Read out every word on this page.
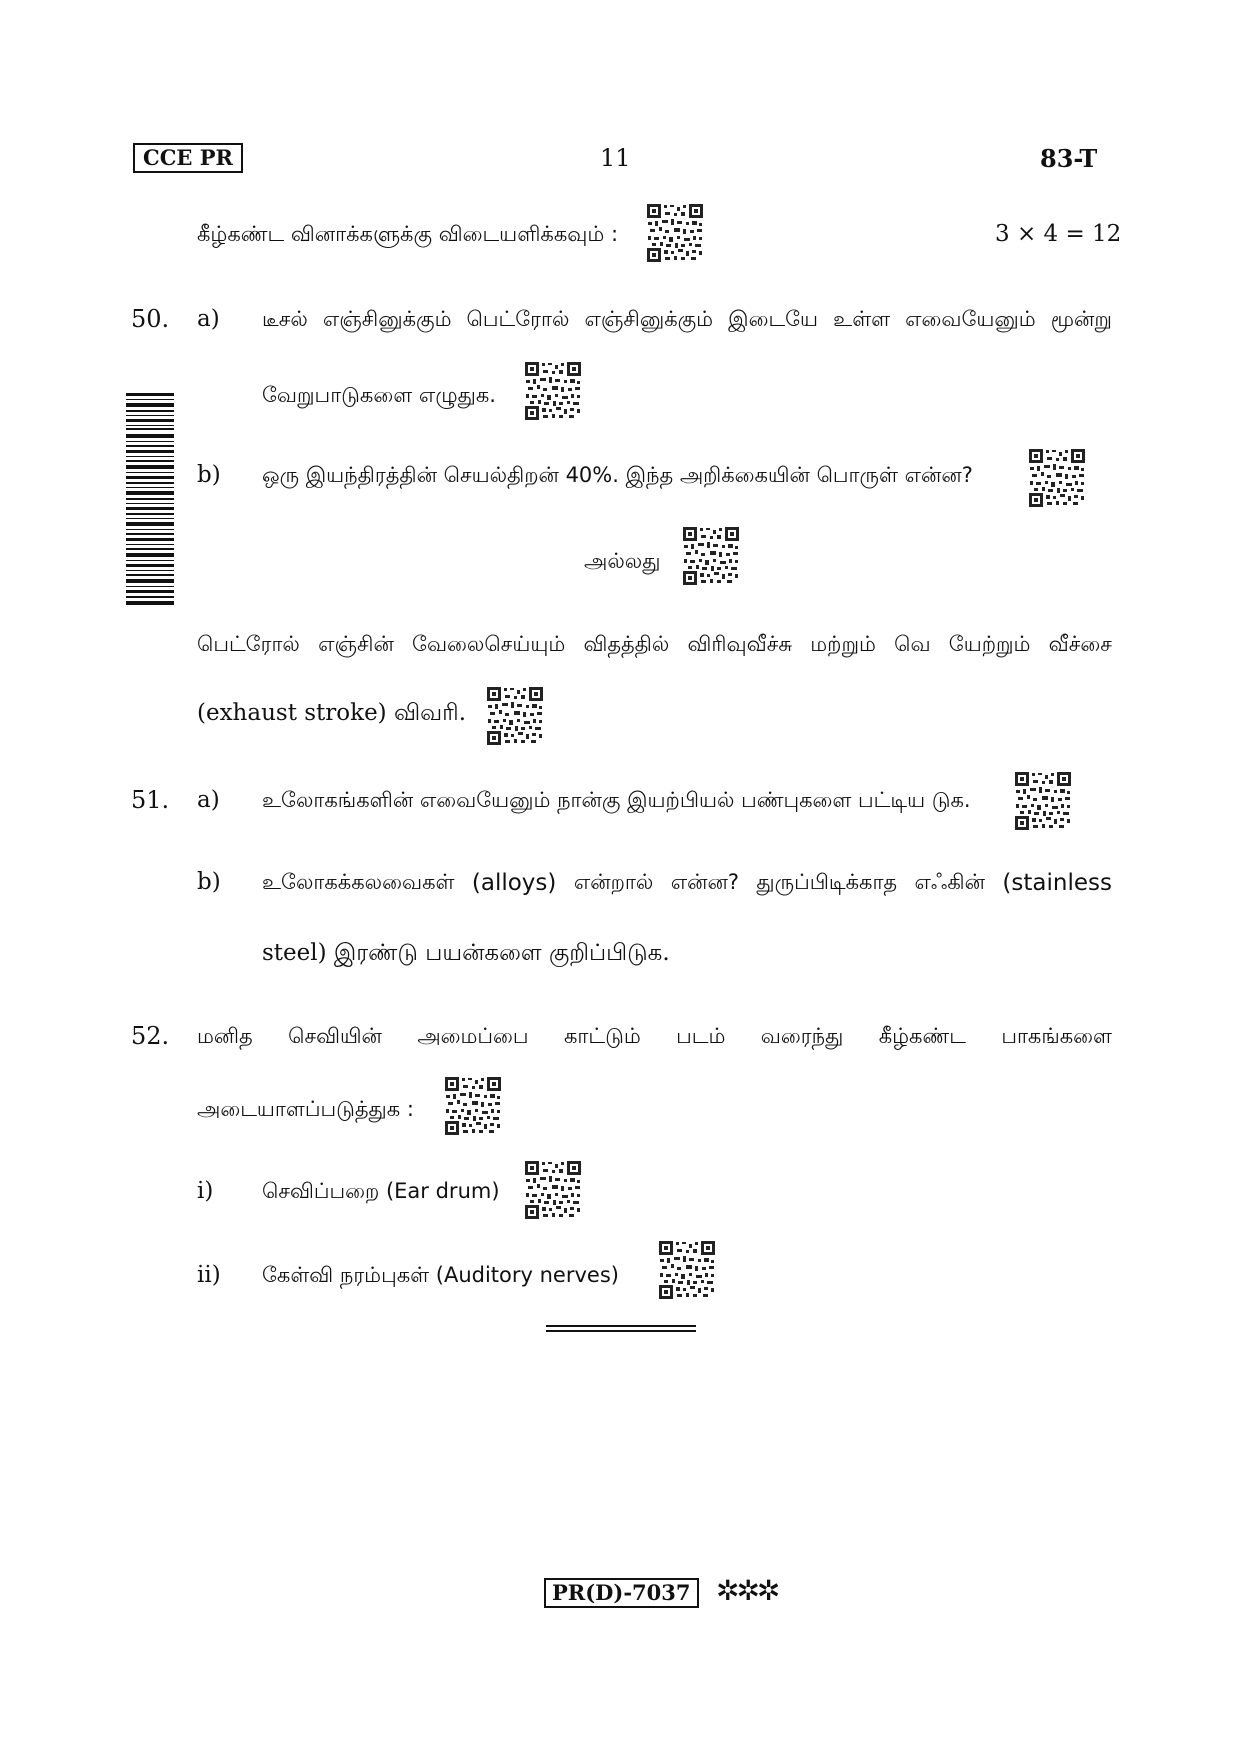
CCE PR	11	83-T
கீழ்கண்ட வினாக்களுக்கு விடையளிக்கவும் :	3 × 4 = 12
50. a) டீசல் எஞ்சினுக்கும் பெட்ரோல் எஞ்சினுக்கும் இடையே உள்ள எவையேனும் மூன்று
வேறுபாடுகளை எழுதுக.
b) ஒரு இயந்திரத்தின் செயல்திறன் 40%. இந்த அறிக்கையின் பொருள் என்ன?
அல்லது
பெட்ரோல் எஞ்சின் வேலைசெய்யும் விதத்தில் விரிவுவீச்சு மற்றும் வெ யேற்றும் வீச்சை
(exhaust stroke) விவரி.
51. a) உலோகங்களின் எவையேனும் நான்கு இயற்பியல் பண்புகளை பட்டிய டுக.
b) உலோகக்கலவைகள் (alloys) என்றால் என்ன? துருப்பிடிக்காத எஃகின் (stainless
steel) இரண்டு பயன்களை குறிப்பிடுக.
52. மனித செவியின் அமைப்பை காட்டும் படம் வரைந்து கீழ்கண்ட பாகங்களை
அடையாளப்படுத்துக :
i) செவிப்பறை (Ear drum)
ii) கேள்வி நரம்புகள் (Auditory nerves)
PR(D)-7037 ✲✲✲
